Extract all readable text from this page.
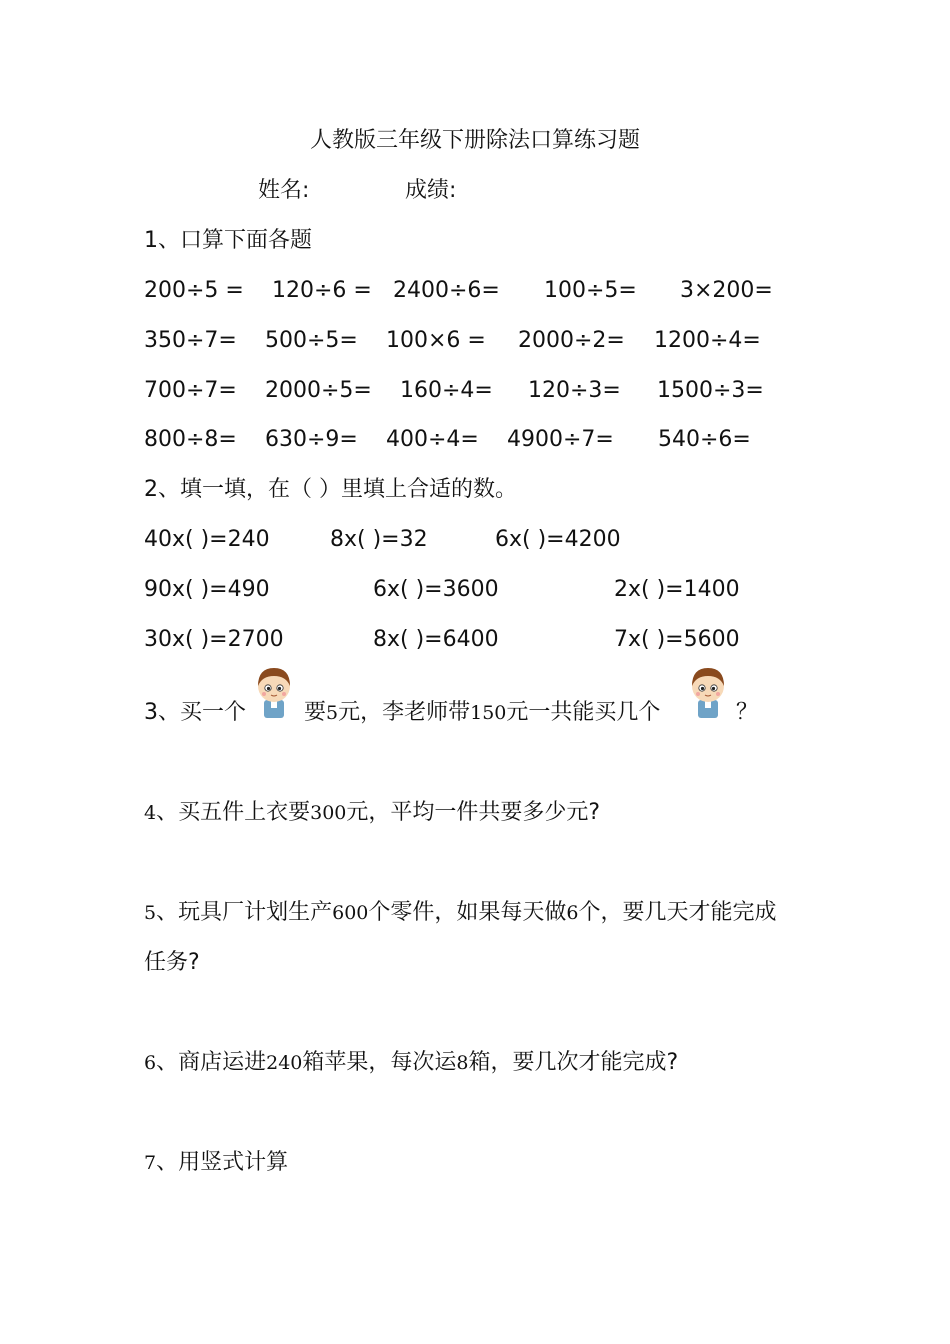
人教版三年级下册除法口算练习题
姓名:	成绩:
1、口算下面各题
200÷5 = 120÷6 = 2400÷6= 100÷5= 3×200=
350÷7= 500÷5= 100×6 = 2000÷2= 1200÷4=
700÷7= 2000÷5= 160÷4= 120÷3= 1500÷3=
800÷8= 630÷9= 400÷4= 4900÷7= 540÷6=
2、填一填，在（ ）里填上合适的数。
40x( )=240	8x( )=32	6x( )=4200
90x( )=490	6x( )=3600	2x( )=1400
30x( )=2700	8x( )=6400	7x( )=5600
3、买一个	要5元，李老师带150元一共能买几个	？
4、买五件上衣要300元，平均一件共要多少元?
5、玩具厂计划生产600个零件，如果每天做6个，要几天才能完成
任务?
6、商店运进240箱苹果，每次运8箱，要几次才能完成?
7、用竖式计算
